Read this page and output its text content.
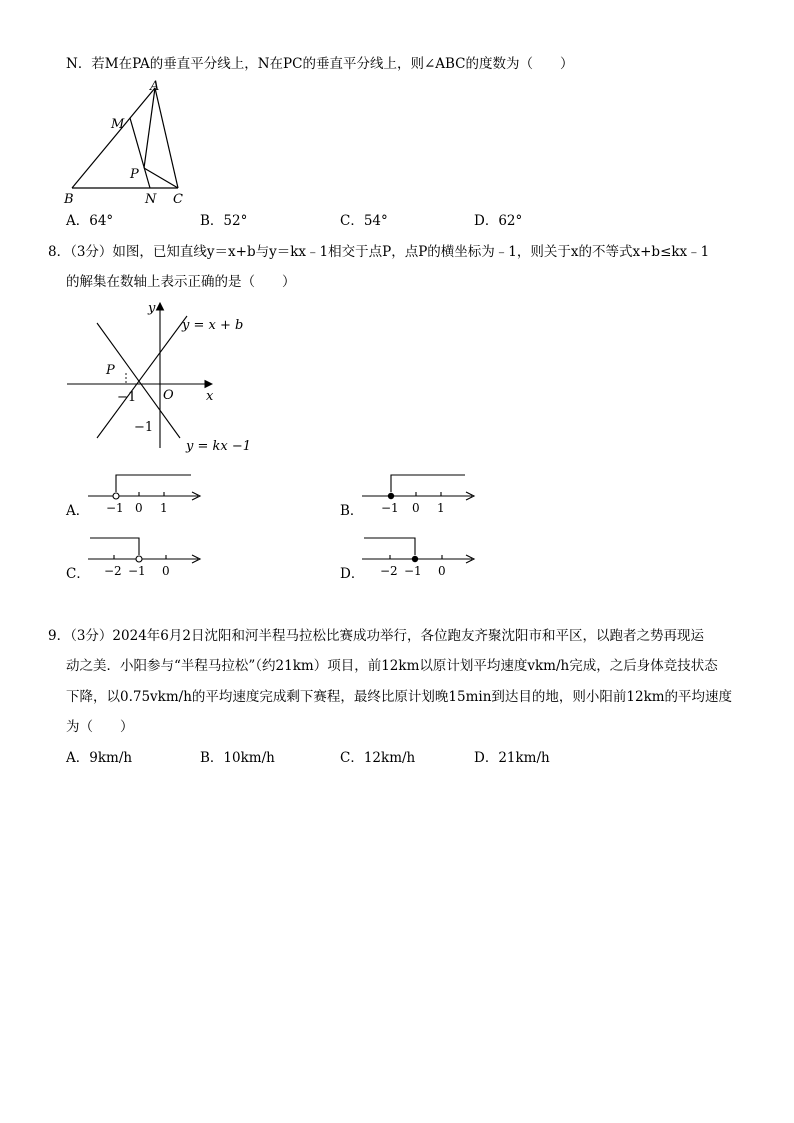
N．若M在PA的垂直平分线上，N在PC的垂直平分线上，则∠ABC的度数为（　　）
A
B	C
M
N
P
A．64°	B．52°	C．54°	D．62°
8．（3分）如图，已知直线y＝x+b与y＝kx﹣1相交于点P，点P的横坐标为﹣1，则关于x的不等式x+b≤kx﹣1
的解集在数轴上表示正确的是（　　）
y
x
O
P
−1
−1
y = x + b
y = kx −1
A． −1 0 1	B． −1 0 1
C． −2 −1 0	D． −2 −1 0
9．（3分）2024年6月2日沈阳和河半程马拉松比赛成功举行，各位跑友齐聚沈阳市和平区，以跑者之势再现运
动之美．小阳参与“半程马拉松”（约21km）项目，前12km以原计划平均速度vkm/h完成，之后身体竞技状态
下降，以0.75vkm/h的平均速度完成剩下赛程，最终比原计划晚15min到达目的地，则小阳前12km的平均速度
为（　　）
A．9km/h	B．10km/h	C．12km/h	D．21km/h
